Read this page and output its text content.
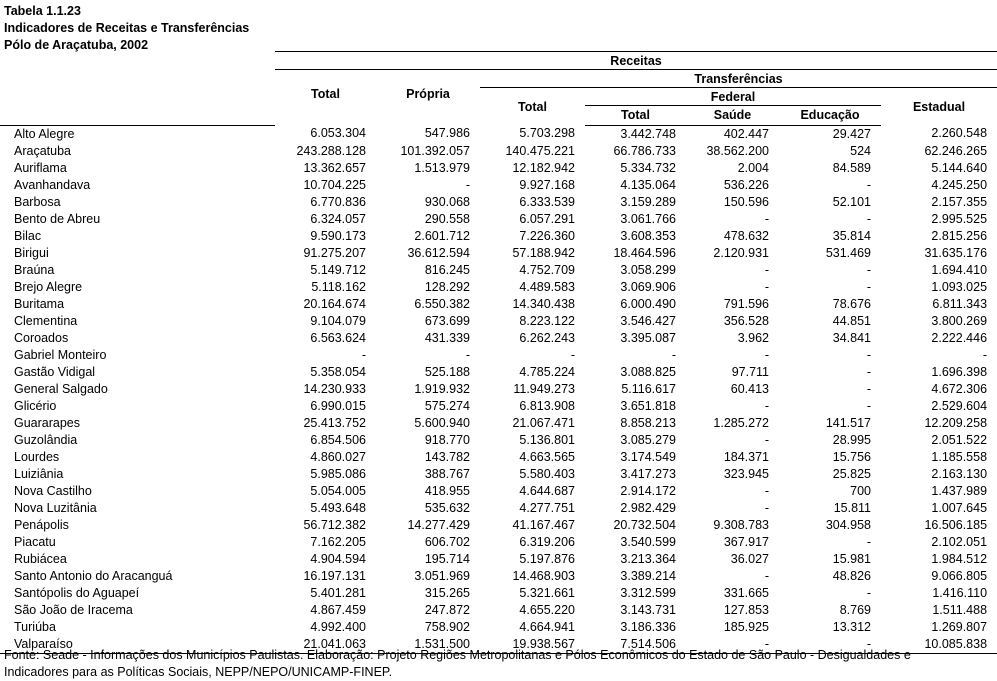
Tabela 1.1.23
Indicadores de Receitas e Transferências
Pólo de Araçatuba, 2002
	Receitas							
	Total	Própria	Transferências					
			Total	Federal			Estadual	
				Total	Saúde	Educação		

Alto Alegre	6.053.304	547.986	5.703.298	3.442.748	402.447	29.427	2.260.548	
Araçatuba	243.288.128	101.392.057	140.475.221	66.786.733	38.562.200	524	62.246.265	
Auriflama	13.362.657	1.513.979	12.182.942	5.334.732	2.004	84.589	5.144.640	
Avanhandava	10.704.225	-	9.927.168	4.135.064	536.226	-	4.245.250	
Barbosa	6.770.836	930.068	6.333.539	3.159.289	150.596	52.101	2.157.355	
Bento de Abreu	6.324.057	290.558	6.057.291	3.061.766	-	-	2.995.525	
Bilac	9.590.173	2.601.712	7.226.360	3.608.353	478.632	35.814	2.815.256	
Birigui	91.275.207	36.612.594	57.188.942	18.464.596	2.120.931	531.469	31.635.176	
Braúna	5.149.712	816.245	4.752.709	3.058.299	-	-	1.694.410	
Brejo Alegre	5.118.162	128.292	4.489.583	3.069.906	-	-	1.093.025	
Buritama	20.164.674	6.550.382	14.340.438	6.000.490	791.596	78.676	6.811.343	
Clementina	9.104.079	673.699	8.223.122	3.546.427	356.528	44.851	3.800.269	
Coroados	6.563.624	431.339	6.262.243	3.395.087	3.962	34.841	2.222.446	
Gabriel Monteiro	-	-	-	-	-	-	-	
Gastão Vidigal	5.358.054	525.188	4.785.224	3.088.825	97.711	-	1.696.398	
General Salgado	14.230.933	1.919.932	11.949.273	5.116.617	60.413	-	4.672.306	
Glicério	6.990.015	575.274	6.813.908	3.651.818	-	-	2.529.604	
Guararapes	25.413.752	5.600.940	21.067.471	8.858.213	1.285.272	141.517	12.209.258	
Guzolândia	6.854.506	918.770	5.136.801	3.085.279	-	28.995	2.051.522	
Lourdes	4.860.027	143.782	4.663.565	3.174.549	184.371	15.756	1.185.558	
Luiziânia	5.985.086	388.767	5.580.403	3.417.273	323.945	25.825	2.163.130	
Nova Castilho	5.054.005	418.955	4.644.687	2.914.172	-	700	1.437.989	
Nova Luzitânia	5.493.648	535.632	4.277.751	2.982.429	-	15.811	1.007.645	
Penápolis	56.712.382	14.277.429	41.167.467	20.732.504	9.308.783	304.958	16.506.185	
Piacatu	7.162.205	606.702	6.319.206	3.540.599	367.917	-	2.102.051	
Rubiácea	4.904.594	195.714	5.197.876	3.213.364	36.027	15.981	1.984.512	
Santo Antonio do Aracanguá	16.197.131	3.051.969	14.468.903	3.389.214	-	48.826	9.066.805	
Santópolis do Aguapeí	5.401.281	315.265	5.321.661	3.312.599	331.665	-	1.416.110	
São João de Iracema	4.867.459	247.872	4.655.220	3.143.731	127.853	8.769	1.511.488	
Turiúba	4.992.400	758.902	4.664.941	3.186.336	185.925	13.312	1.269.807	
Valparaíso	21.041.063	1.531.500	19.938.567	7.514.506	-	-	10.085.838	
Fonte: Seade - Informações dos Municípios Paulistas. Elaboração: Projeto Regiões Metropolitanas e Pólos Econômicos do Estado de São Paulo - Desigualdades e
Indicadores para as Políticas Sociais, NEPP/NEPO/UNICAMP-FINEP.
